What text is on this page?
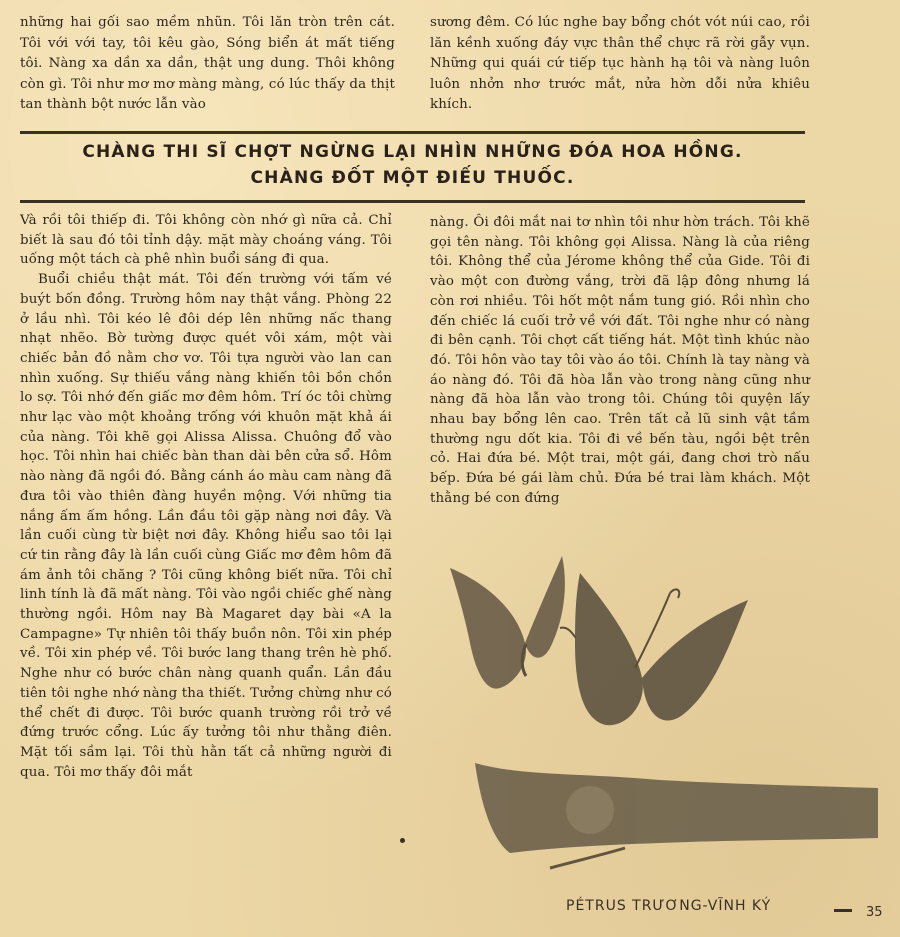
những hai gối sao mềm nhũn. Tôi lăn tròn trên cát. Tôi với với tay, tôi kêu gào, Sóng biển át mất tiếng tôi. Nàng xa dần xa dần, thật ung dung. Thôi không còn gì. Tôi như mơ mơ màng màng, có lúc thấy da thịt tan thành bột nước lẫn vào

sương đêm. Có lúc nghe bay bổng chót vót núi cao, rồi lăn kềnh xuống đáy vực thân thể chực rã rời gẫy vụn. Những qui quái cứ tiếp tục hành hạ tôi và nàng luôn luôn nhởn nhơ trước mắt, nửa hờn dỗi nửa khiêu khích.

CHÀNG THI SĨ CHỢT NGỪNG LẠI NHÌN NHỮNG ĐÓA HOA HỒNG.
CHÀNG ĐỐT MỘT ĐIẾU THUỐC.

Và rồi tôi thiếp đi. Tôi không còn nhớ gì nữa cả. Chỉ biết là sau đó tôi tỉnh dậy. mặt mày choáng váng. Tôi uống một tách cà phê nhìn buổi sáng đi qua.

Buổi chiều thật mát. Tôi đến trường với tấm vé buýt bốn đồng. Trường hôm nay thật vắng. Phòng 22 ở lầu nhì. Tôi kéo lê đôi dép lên những nấc thang nhạt nhẽo. Bờ tường được quét vôi xám, một vài chiếc bản đồ nằm chơ vơ. Tôi tựa người vào lan can nhìn xuống. Sự thiếu vắng nàng khiến tôi bồn chồn lo sợ. Tôi nhớ đến giấc mơ đêm hôm. Trí óc tôi chừng như lạc vào một khoảng trống với khuôn mặt khả ái của nàng. Tôi khẽ gọi Alissa Alissa. Chuông đổ vào học. Tôi nhìn hai chiếc bàn than dài bên cửa sổ. Hôm nào nàng đã ngồi đó. Bằng cánh áo màu cam nàng đã đưa tôi vào thiên đàng huyền mộng. Với những tia nắng ấm ấm hồng. Lần đầu tôi gặp nàng nơi đây. Và lần cuối cùng từ biệt nơi đây. Không hiểu sao tôi lại cứ tin rằng đây là lần cuối cùng Giấc mơ đêm hôm đã ám ảnh tôi chăng ? Tôi cũng không biết nữa. Tôi chỉ linh tính là đã mất nàng. Tôi vào ngồi chiếc ghế nàng thường ngồi. Hôm nay Bà Magaret dạy bài «A la Campagne» Tự nhiên tôi thấy buồn nôn. Tôi xin phép về. Tôi xin phép về. Tôi bước lang thang trên hè phố. Nghe như có bước chân nàng quanh quẩn. Lần đầu tiên tôi nghe nhớ nàng tha thiết. Tưởng chừng như có thể chết đi được. Tôi bước quanh trường rồi trở về đứng trước cổng. Lúc ấy tưởng tôi như thằng điên. Mặt tối sầm lại. Tôi thù hằn tất cả những người đi qua. Tôi mơ thấy đôi mắt

nàng. Ôi đôi mắt nai tơ nhìn tôi như hờn trách. Tôi khẽ gọi tên nàng. Tôi không gọi Alissa. Nàng là của riêng tôi. Không thể của Jérome không thể của Gide. Tôi đi vào một con đường vắng, trời đã lập đông nhưng lá còn rơi nhiều. Tôi hốt một nắm tung gió. Rồi nhìn cho đến chiếc lá cuối trở về với đất. Tôi nghe như có nàng đi bên cạnh. Tôi chợt cất tiếng hát. Một tình khúc nào đó. Tôi hôn vào tay tôi vào áo tôi. Chính là tay nàng và áo nàng đó. Tôi đã hòa lẫn vào trong nàng cũng như nàng đã hòa lẫn vào trong tôi. Chúng tôi quyện lấy nhau bay bổng lên cao. Trên tất cả lũ sinh vật tầm thường ngu dốt kia. Tôi đi về bến tàu, ngồi bệt trên cỏ. Hai đứa bé. Một trai, một gái, đang chơi trò nấu bếp. Đứa bé gái làm chủ. Đứa bé trai làm khách. Một thằng bé con đứng

PÉTRUS TRƯƠNG-VĨNH KÝ	35
